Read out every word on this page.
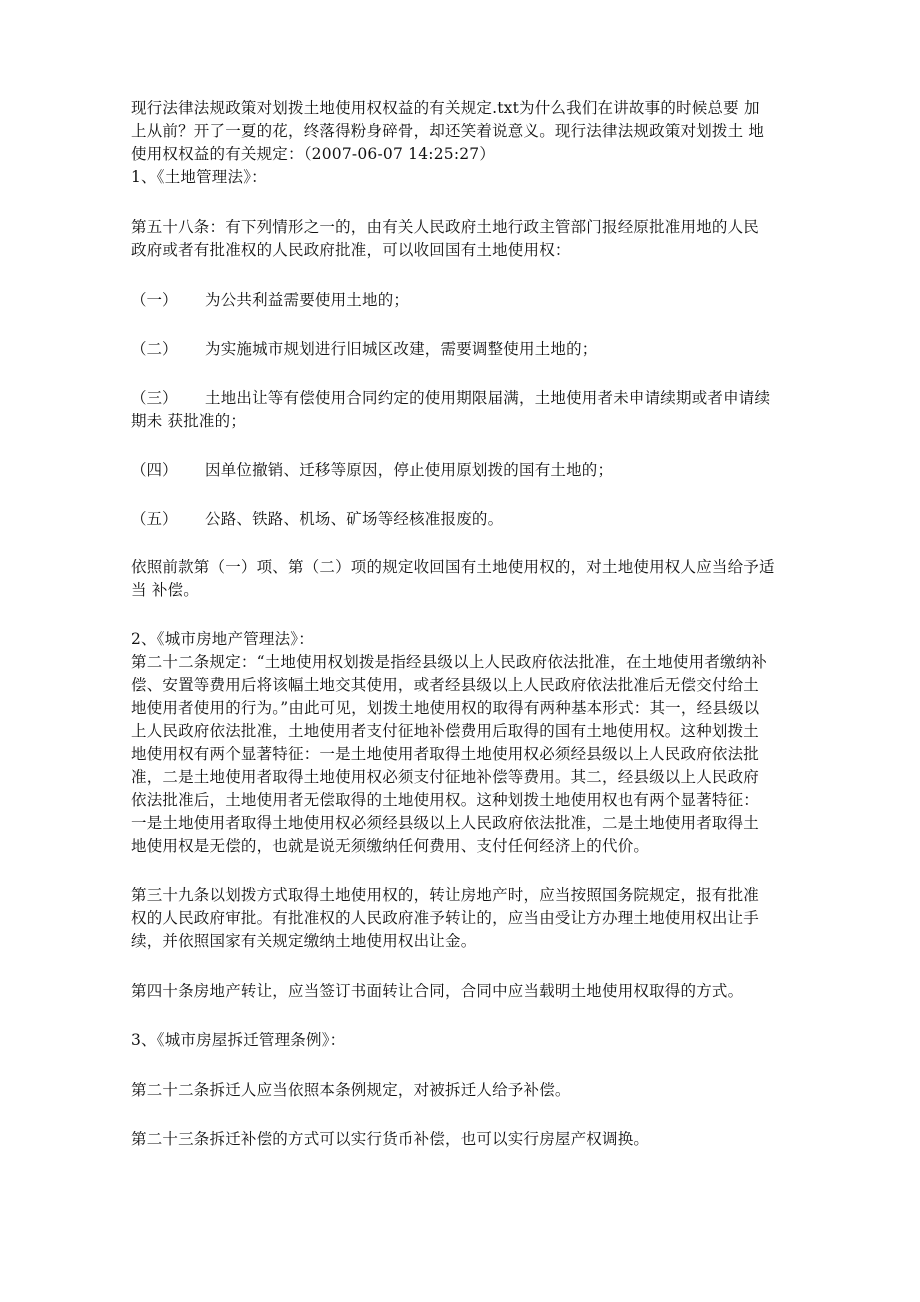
现行法律法规政策对划拨土地使用权权益的有关规定.txt为什么我们在讲故事的时候总要 加
上从前？开了一夏的花，终落得粉身碎骨，却还笑着说意义。现行法律法规政策对划拨土 地
使用权权益的有关规定：（2007-06-07 14:25:27）
1、《土地管理法》：
第五十八条：有下列情形之一的，由有关人民政府土地行政主管部门报经原批准用地的人民
政府或者有批准权的人民政府批准，可以收回国有土地使用权：
（一） 为公共利益需要使用土地的；
（二） 为实施城市规划进行旧城区改建，需要调整使用土地的；
（三） 土地出让等有偿使用合同约定的使用期限届满，土地使用者未申请续期或者申请续
期未 获批准的；
（四） 因单位撤销、迁移等原因，停止使用原划拨的国有土地的；
（五） 公路、铁路、机场、矿场等经核准报废的。
依照前款第（一）项、第（二）项的规定收回国有土地使用权的，对土地使用权人应当给予适
当 补偿。
2、《城市房地产管理法》：
第二十二条规定：“土地使用权划拨是指经县级以上人民政府依法批准，在土地使用者缴纳补
偿、安置等费用后将该幅土地交其使用，或者经县级以上人民政府依法批准后无偿交付给土
地使用者使用的行为。”由此可见，划拨土地使用权的取得有两种基本形式：其一，经县级以
上人民政府依法批准，土地使用者支付征地补偿费用后取得的国有土地使用权。这种划拨土
地使用权有两个显著特征：一是土地使用者取得土地使用权必须经县级以上人民政府依法批
准，二是土地使用者取得土地使用权必须支付征地补偿等费用。其二，经县级以上人民政府
依法批准后，土地使用者无偿取得的土地使用权。这种划拨土地使用权也有两个显著特征：
一是土地使用者取得土地使用权必须经县级以上人民政府依法批准，二是土地使用者取得土
地使用权是无偿的，也就是说无须缴纳任何费用、支付任何经济上的代价。
第三十九条以划拨方式取得土地使用权的，转让房地产时，应当按照国务院规定，报有批准
权的人民政府审批。有批准权的人民政府准予转让的，应当由受让方办理土地使用权出让手
续，并依照国家有关规定缴纳土地使用权出让金。
第四十条房地产转让，应当签订书面转让合同，合同中应当载明土地使用权取得的方式。
3、《城市房屋拆迁管理条例》：
第二十二条拆迁人应当依照本条例规定，对被拆迁人给予补偿。
第二十三条拆迁补偿的方式可以实行货币补偿，也可以实行房屋产权调换。
